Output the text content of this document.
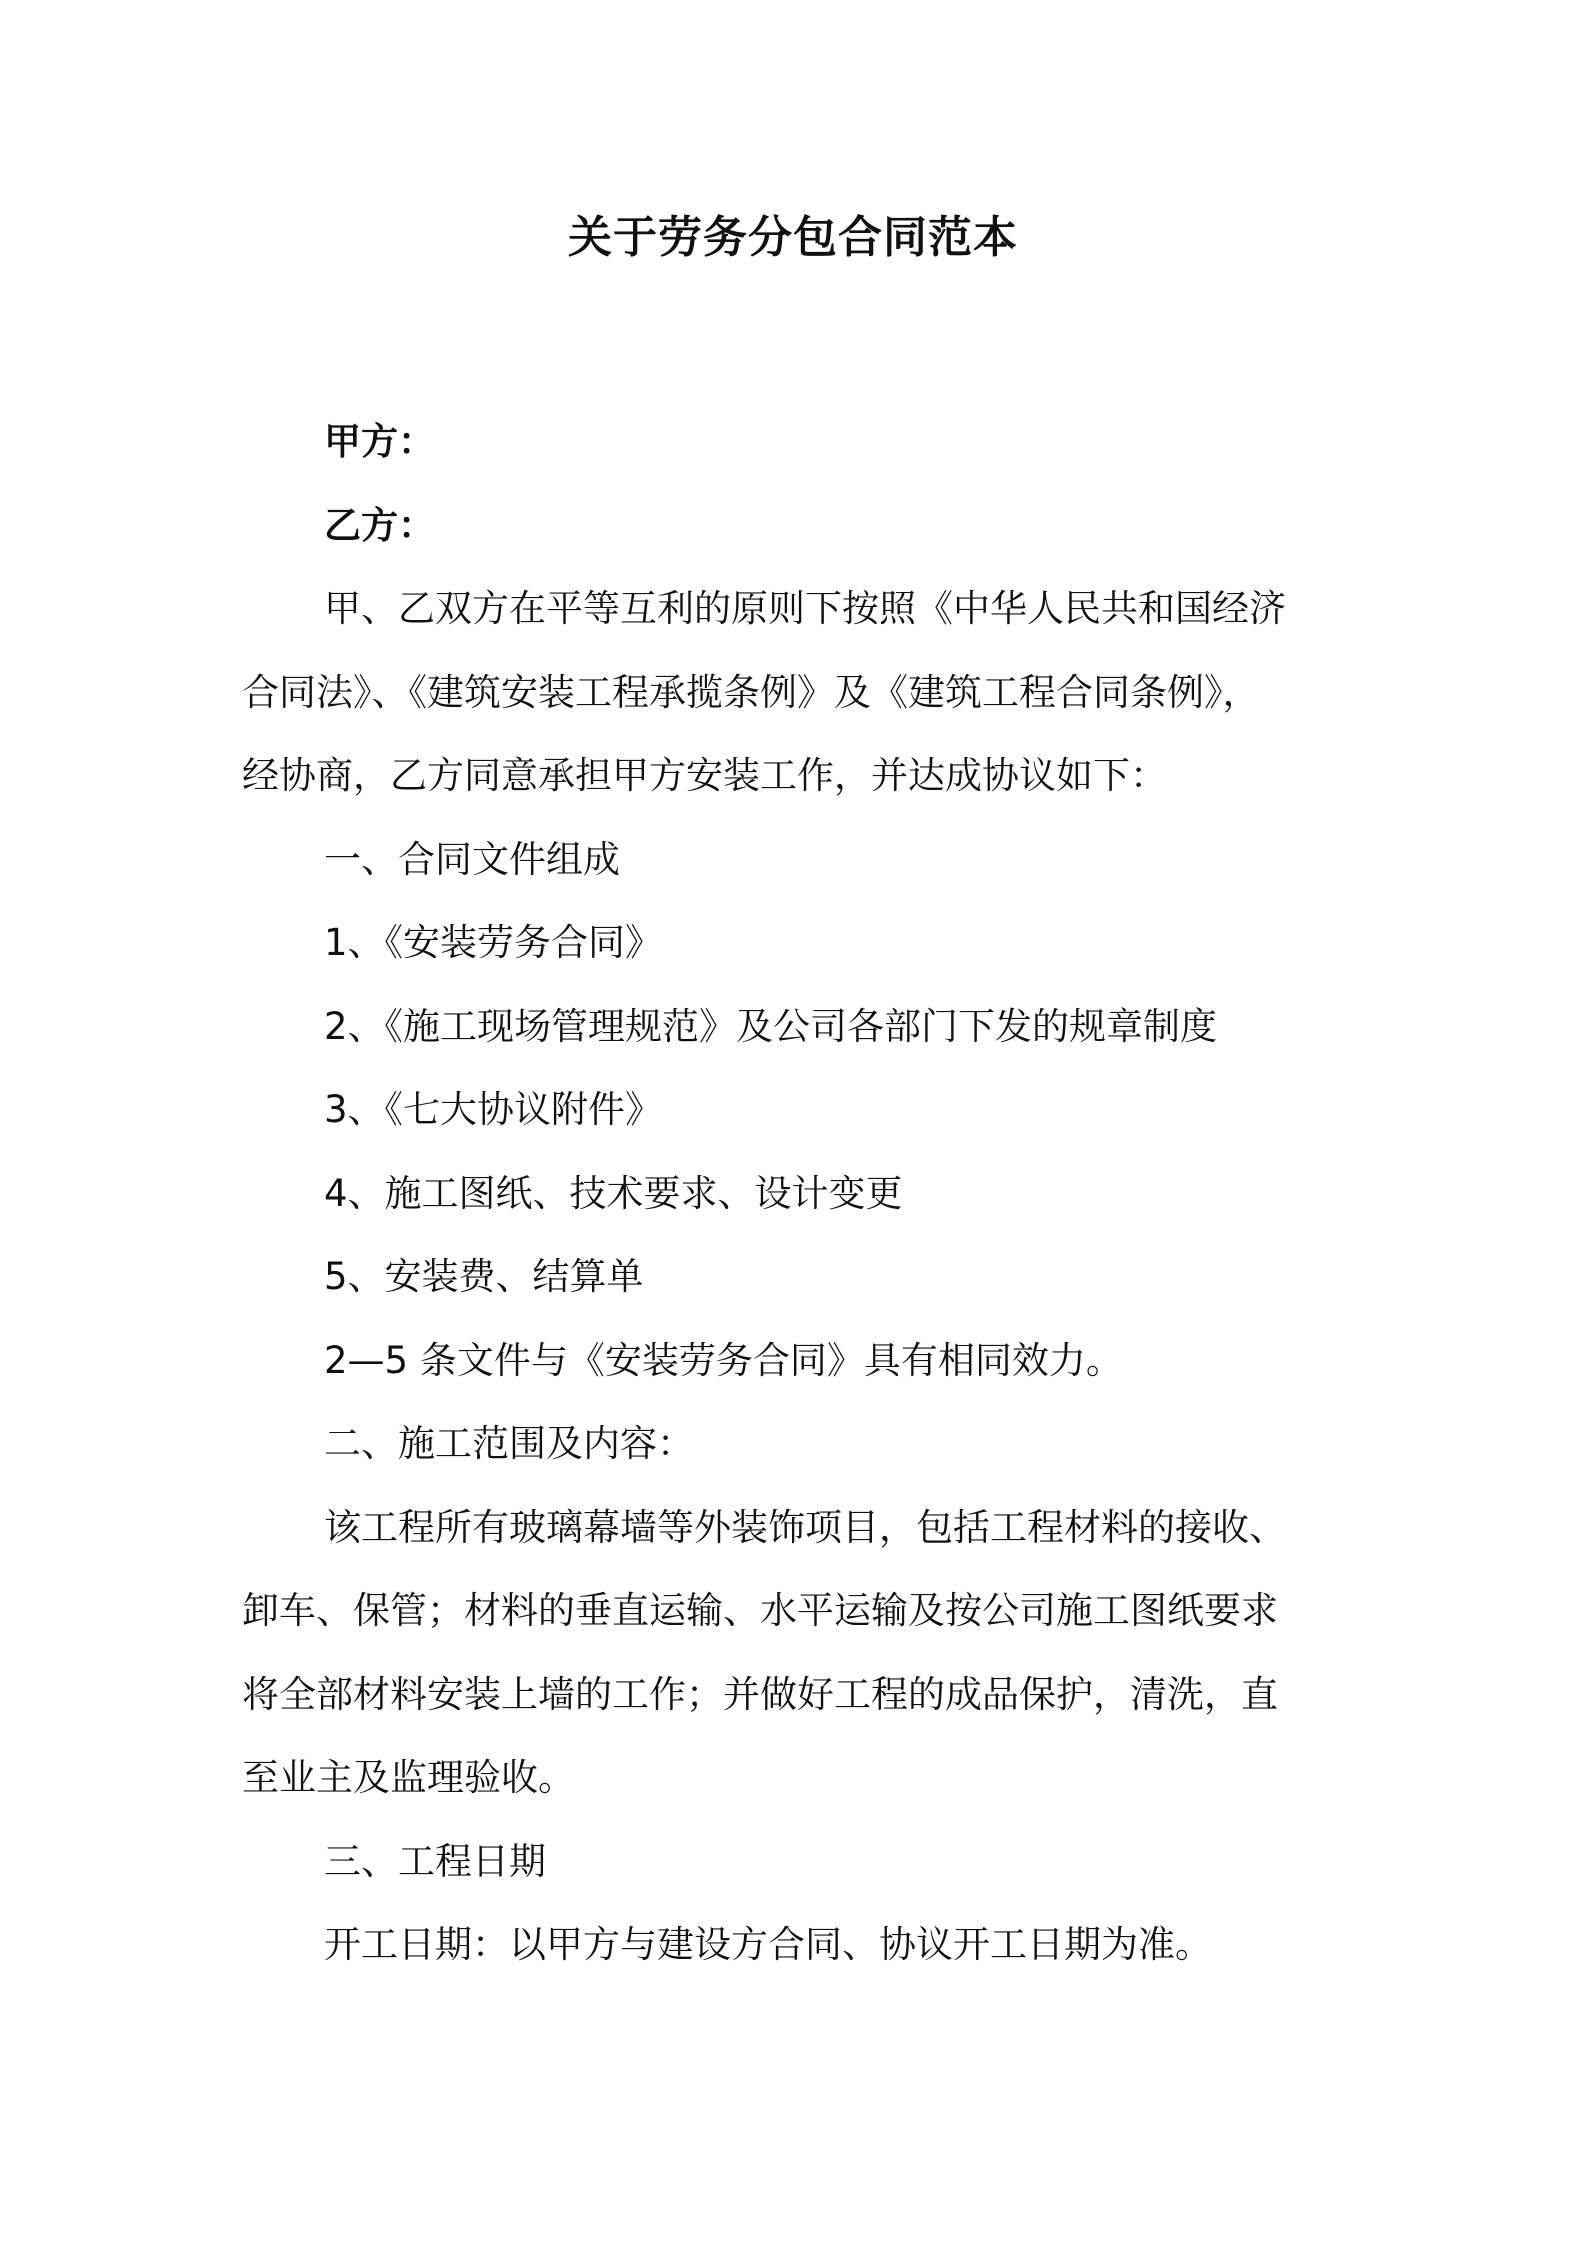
关于劳务分包合同范本

甲方：

乙方：

甲、乙双方在平等互利的原则下按照《中华人民共和国经济
合同法》、《建筑安装工程承揽条例》及《建筑工程合同条例》，
经协商，乙方同意承担甲方安装工作，并达成协议如下：

一、合同文件组成

1、《安装劳务合同》

2、《施工现场管理规范》及公司各部门下发的规章制度

3、《七大协议附件》

4、施工图纸、技术要求、设计变更

5、安装费、结算单

2—5 条文件与《安装劳务合同》具有相同效力。

二、施工范围及内容：

该工程所有玻璃幕墙等外装饰项目，包括工程材料的接收、
卸车、保管；材料的垂直运输、水平运输及按公司施工图纸要求
将全部材料安装上墙的工作；并做好工程的成品保护，清洗，直
至业主及监理验收。

三、工程日期

开工日期：以甲方与建设方合同、协议开工日期为准。
